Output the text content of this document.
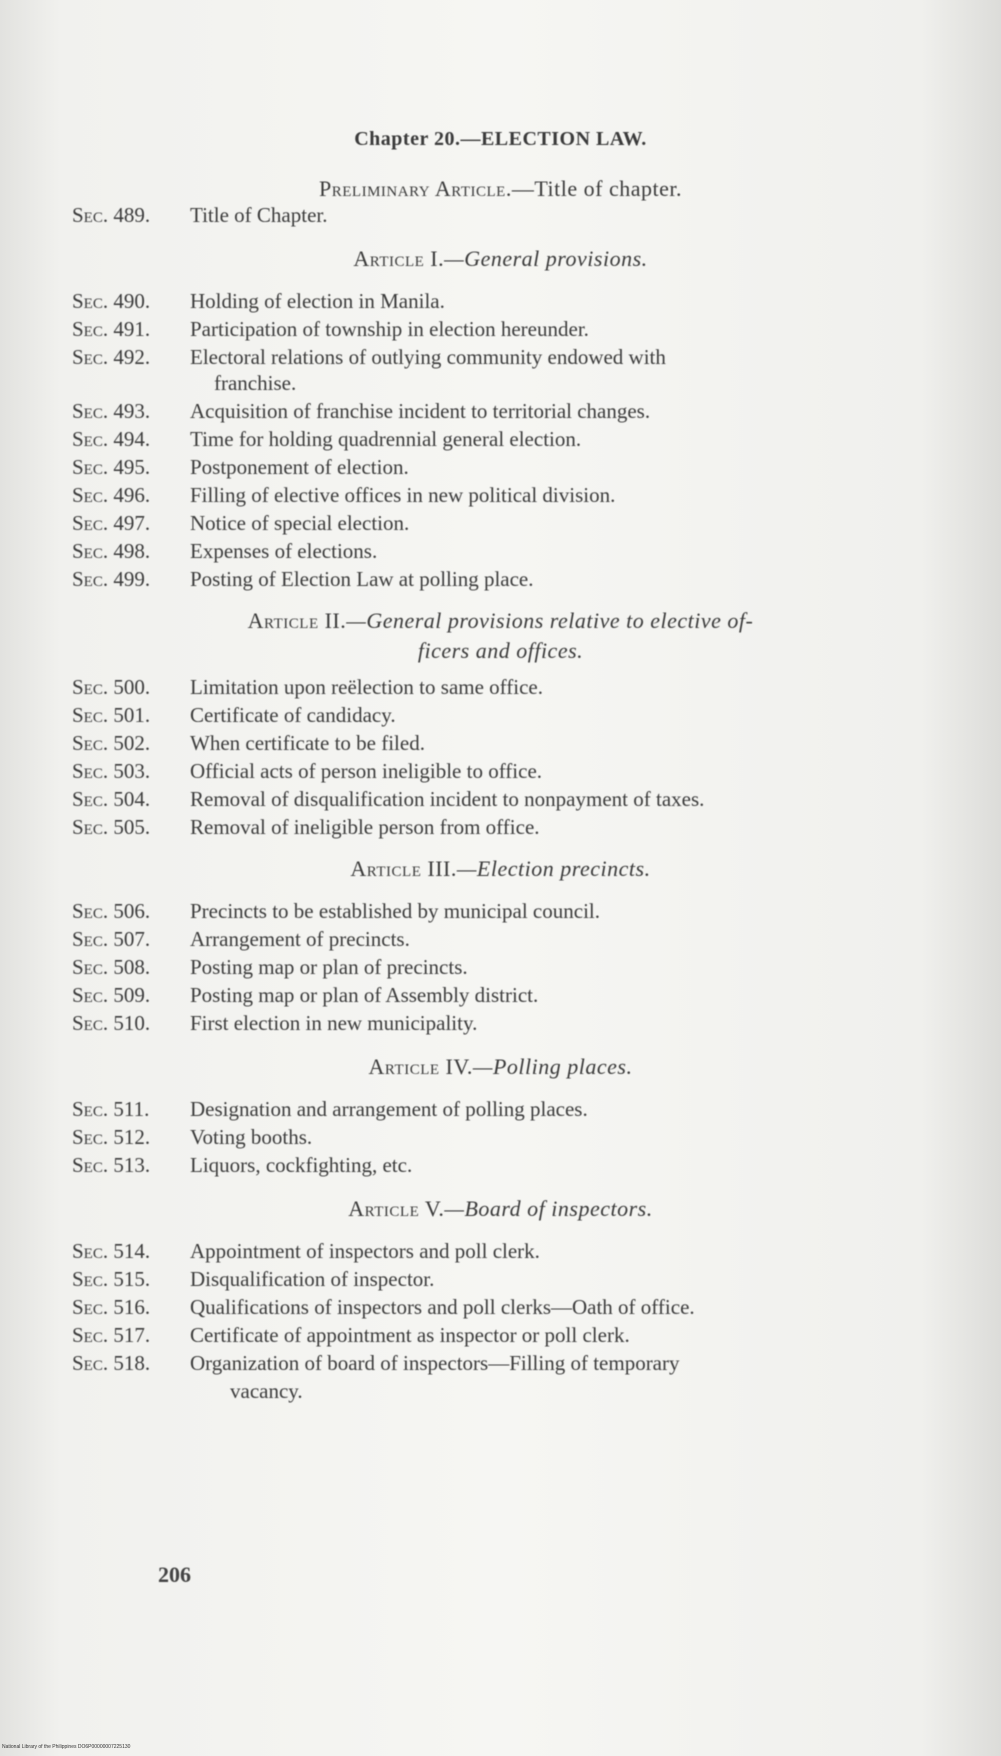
Chapter 20.—ELECTION LAW.
Preliminary Article.—Title of chapter.
Sec. 489. Title of Chapter.
Article I.—General provisions.
Sec. 490. Holding of election in Manila.
Sec. 491. Participation of township in election hereunder.
Sec. 492. Electoral relations of outlying community endowed with
franchise.
Sec. 493. Acquisition of franchise incident to territorial changes.
Sec. 494. Time for holding quadrennial general election.
Sec. 495. Postponement of election.
Sec. 496. Filling of elective offices in new political division.
Sec. 497. Notice of special election.
Sec. 498. Expenses of elections.
Sec. 499. Posting of Election Law at polling place.
Article II.—General provisions relative to elective of-
ficers and offices.
Sec. 500. Limitation upon reëlection to same office.
Sec. 501. Certificate of candidacy.
Sec. 502. When certificate to be filed.
Sec. 503. Official acts of person ineligible to office.
Sec. 504. Removal of disqualification incident to nonpayment of taxes.
Sec. 505. Removal of ineligible person from office.
Article III.—Election precincts.
Sec. 506. Precincts to be established by municipal council.
Sec. 507. Arrangement of precincts.
Sec. 508. Posting map or plan of precincts.
Sec. 509. Posting map or plan of Assembly district.
Sec. 510. First election in new municipality.
Article IV.—Polling places.
Sec. 511. Designation and arrangement of polling places.
Sec. 512. Voting booths.
Sec. 513. Liquors, cockfighting, etc.
Article V.—Board of inspectors.
Sec. 514. Appointment of inspectors and poll clerk.
Sec. 515. Disqualification of inspector.
Sec. 516. Qualifications of inspectors and poll clerks—Oath of office.
Sec. 517. Certificate of appointment as inspector or poll clerk.
Sec. 518. Organization of board of inspectors—Filling of temporary
vacancy.
206
National Library of the Philippines DO6P00000007225130
